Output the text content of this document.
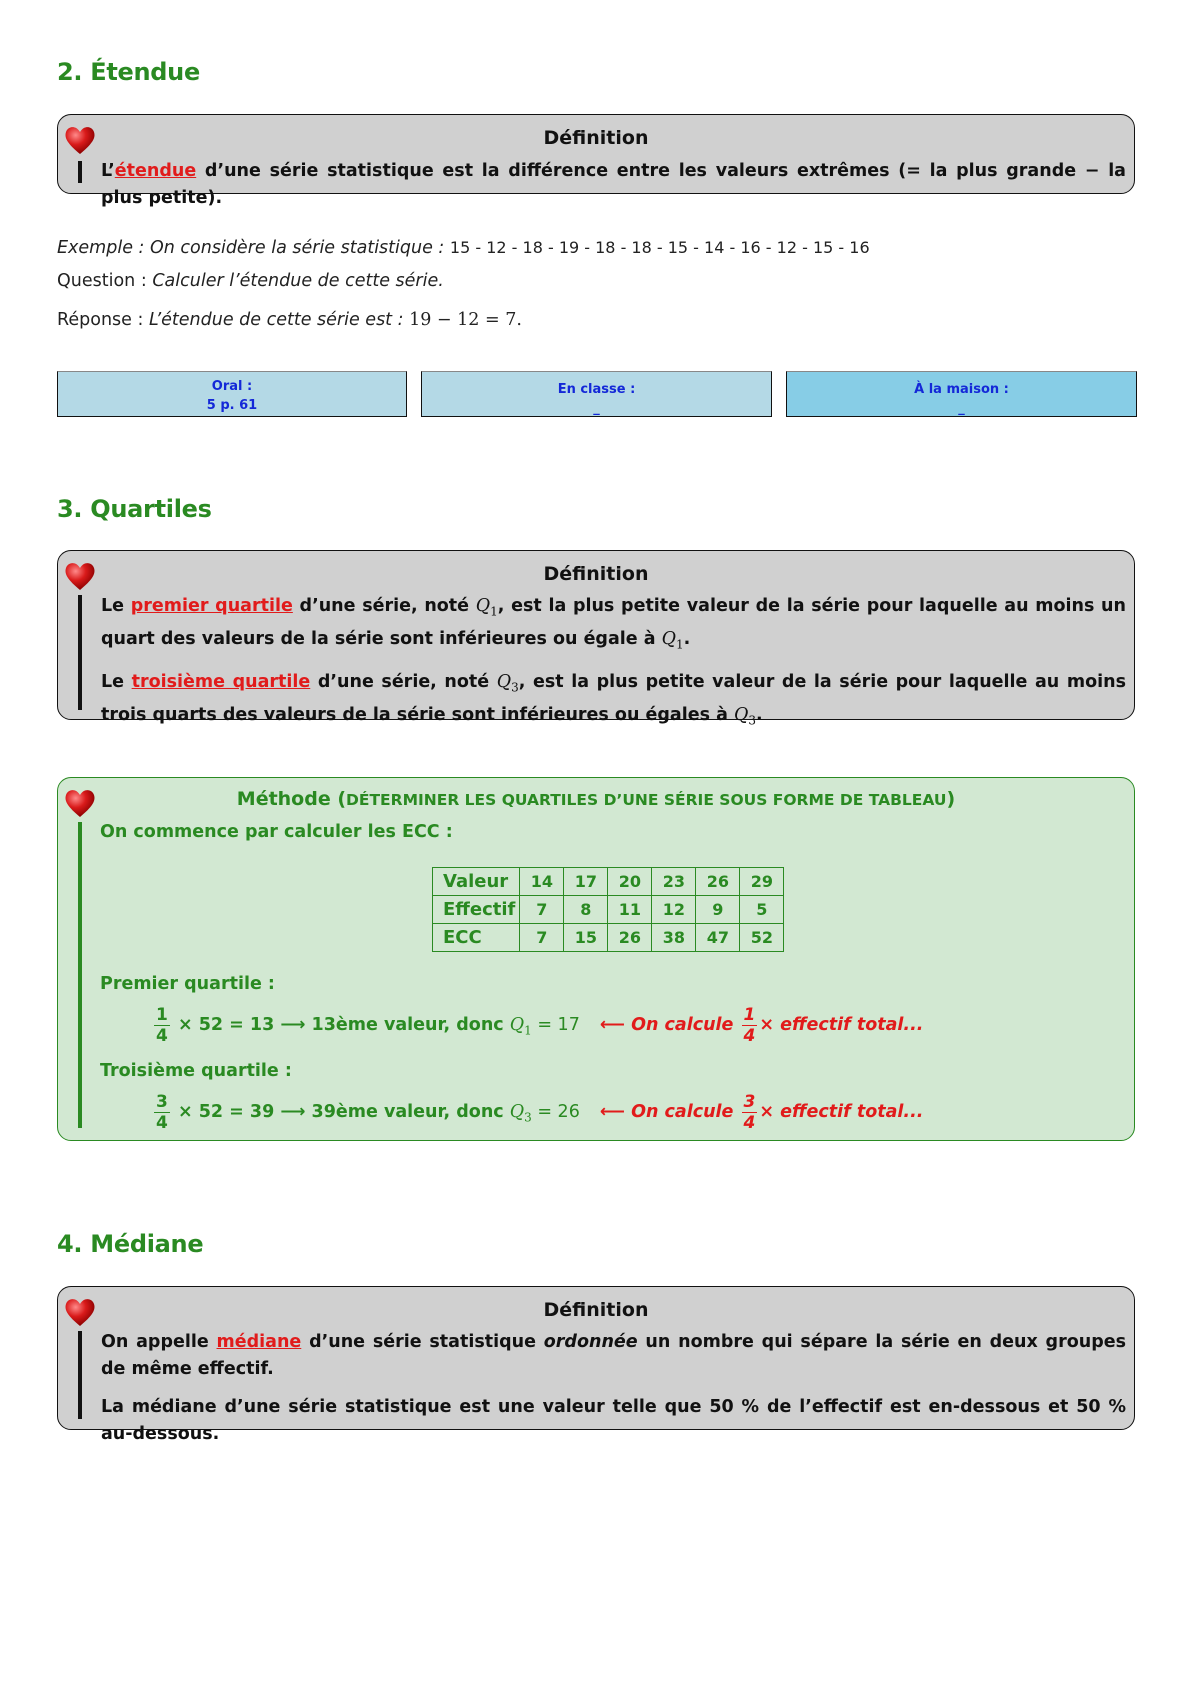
2. Étendue
Définition
L’étendue d’une série statistique est la différence entre les valeurs extrêmes (= la plus grande − la plus petite).
Exemple : On considère la série statistique : 15 - 12 - 18 - 19 - 18 - 18 - 15 - 14 - 16 - 12 - 15 - 16
Question : Calculer l’étendue de cette série.
Réponse : L’étendue de cette série est : 19 − 12 = 7.
Oral :
5 p. 61
En classe :
_
À la maison :
_
3. Quartiles
Définition

Le premier quartile d’une série, noté $Q_1$, est la plus petite valeur de la série pour laquelle au moins un quart des valeurs de la série sont inférieures ou égale à $Q_1$.

Le troisième quartile d’une série, noté $Q_3$, est la plus petite valeur de la série pour laquelle au moins trois quarts des valeurs de la série sont inférieures ou égales à $Q_3$.

Méthode (DÉTERMINER LES QUARTILES D’UNE SÉRIE SOUS FORME DE TABLEAU)
On commence par calculer les ECC :
Valeur	14	17	20	23	26	29
Effectif	7	8	11	12	9	5
ECC	7	15	26	38	47	52
Premier quartile :
$\frac{1}{4} \times 52 = 13$ ⟶ 13ème valeur, donc $Q_1 = 17$ ⟵ On calcule $\frac{1}{4}$ × effectif total...
Troisième quartile :
$\frac{3}{4} \times 52 = 39$ ⟶ 39ème valeur, donc $Q_3 = 26$ ⟵ On calcule $\frac{3}{4}$ × effectif total...
4. Médiane
Définition

On appelle médiane d’une série statistique ordonnée un nombre qui sépare la série en deux groupes de même effectif.

La médiane d’une série statistique est une valeur telle que 50 % de l’effectif est en-dessous et 50 % au-dessous.
